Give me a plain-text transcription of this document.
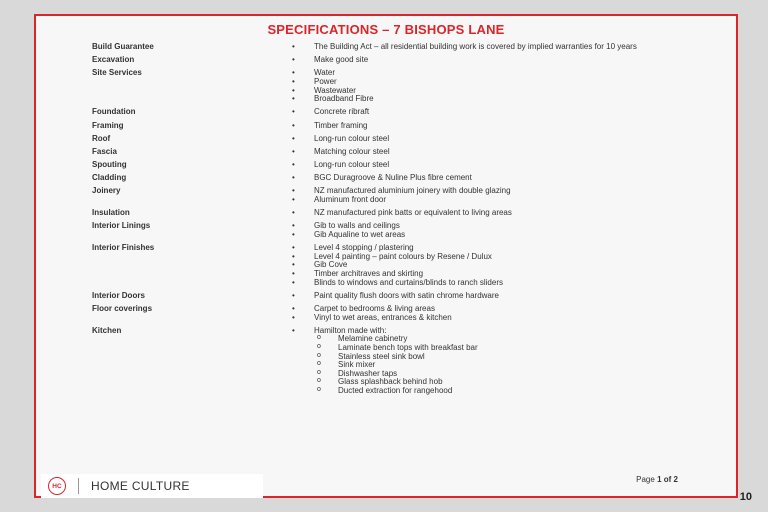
SPECIFICATIONS – 7 BISHOPS LANE
Build Guarantee	• The Building Act – all residential building work is covered by implied warranties for 10 years
Excavation	• Make good site
Site Services	• Water
• Power
• Wastewater
• Broadband Fibre
Foundation	• Concrete ribraft
Framing	• Timber framing
Roof	• Long-run colour steel
Fascia	• Matching colour steel
Spouting	• Long-run colour steel
Cladding	• BGC Duragroove & Nuline Plus fibre cement
Joinery	• NZ manufactured aluminium joinery with double glazing
• Aluminum front door
Insulation	• NZ manufactured pink batts or equivalent to living areas
Interior Linings	• Gib to walls and ceilings
• Gib Aqualine to wet areas
Interior Finishes	• Level 4 stopping / plastering
• Level 4 painting – paint colours by Resene / Dulux
• Gib Cove
• Timber architraves and skirting
• Blinds to windows and curtains/blinds to ranch sliders
Interior Doors	• Paint quality flush doors with satin chrome hardware
Floor coverings	• Carpet to bedrooms & living areas
• Vinyl to wet areas, entrances & kitchen
Kitchen	• Hamilton made with:
o Melamine cabinetry
o Laminate bench tops with breakfast bar
o Stainless steel sink bowl
o Sink mixer
o Dishwasher taps
o Glass splashback behind hob
o Ducted extraction for rangehood
HC	HOME CULTURE	Page 1 of 2
10
